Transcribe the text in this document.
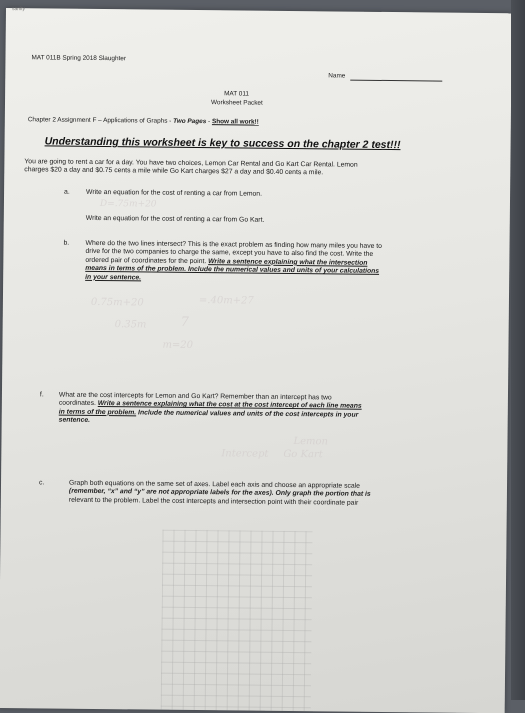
sanity
MAT 011B Spring 2018 Slaughter
Name
MAT 011
Worksheet Packet
Chapter 2 Assignment F – Applications of Graphs - Two Pages - Show all work!!
Understanding this worksheet is key to success on the chapter 2 test!!!
You are going to rent a car for a day. You have two choices, Lemon Car Rental and Go Kart Car Rental. Lemon
charges $20 a day and $0.75 cents a mile while Go Kart charges $27 a day and $0.40 cents a mile.
a. Write an equation for the cost of renting a car from Lemon.
D=.75m+20
Write an equation for the cost of renting a car from Go Kart.
b. Where do the two lines intersect? This is the exact problem as finding how many miles you have to
drive for the two companies to charge the same, except you have to also find the cost. Write the
ordered pair of coordinates for the point. Write a sentence explaining what the intersection
means in terms of the problem. Include the numerical values and units of your calculations
in your sentence.
0.75m+20	=.40m+27
0.35m	7
m=20
f. What are the cost intercepts for Lemon and Go Kart? Remember than an intercept has two
coordinates. Write a sentence explaining what the cost at the cost intercept of each line means
in terms of the problem. Include the numerical values and units of the cost intercepts in your
sentence.
Lemon
Intercept Go Kart
c.	Graph both equations on the same set of axes. Label each axis and choose an appropriate scale
(remember, “x” and “y” are not appropriate labels for the axes). Only graph the portion that is
relevant to the problem. Label the cost intercepts and intersection point with their coordinate pair
